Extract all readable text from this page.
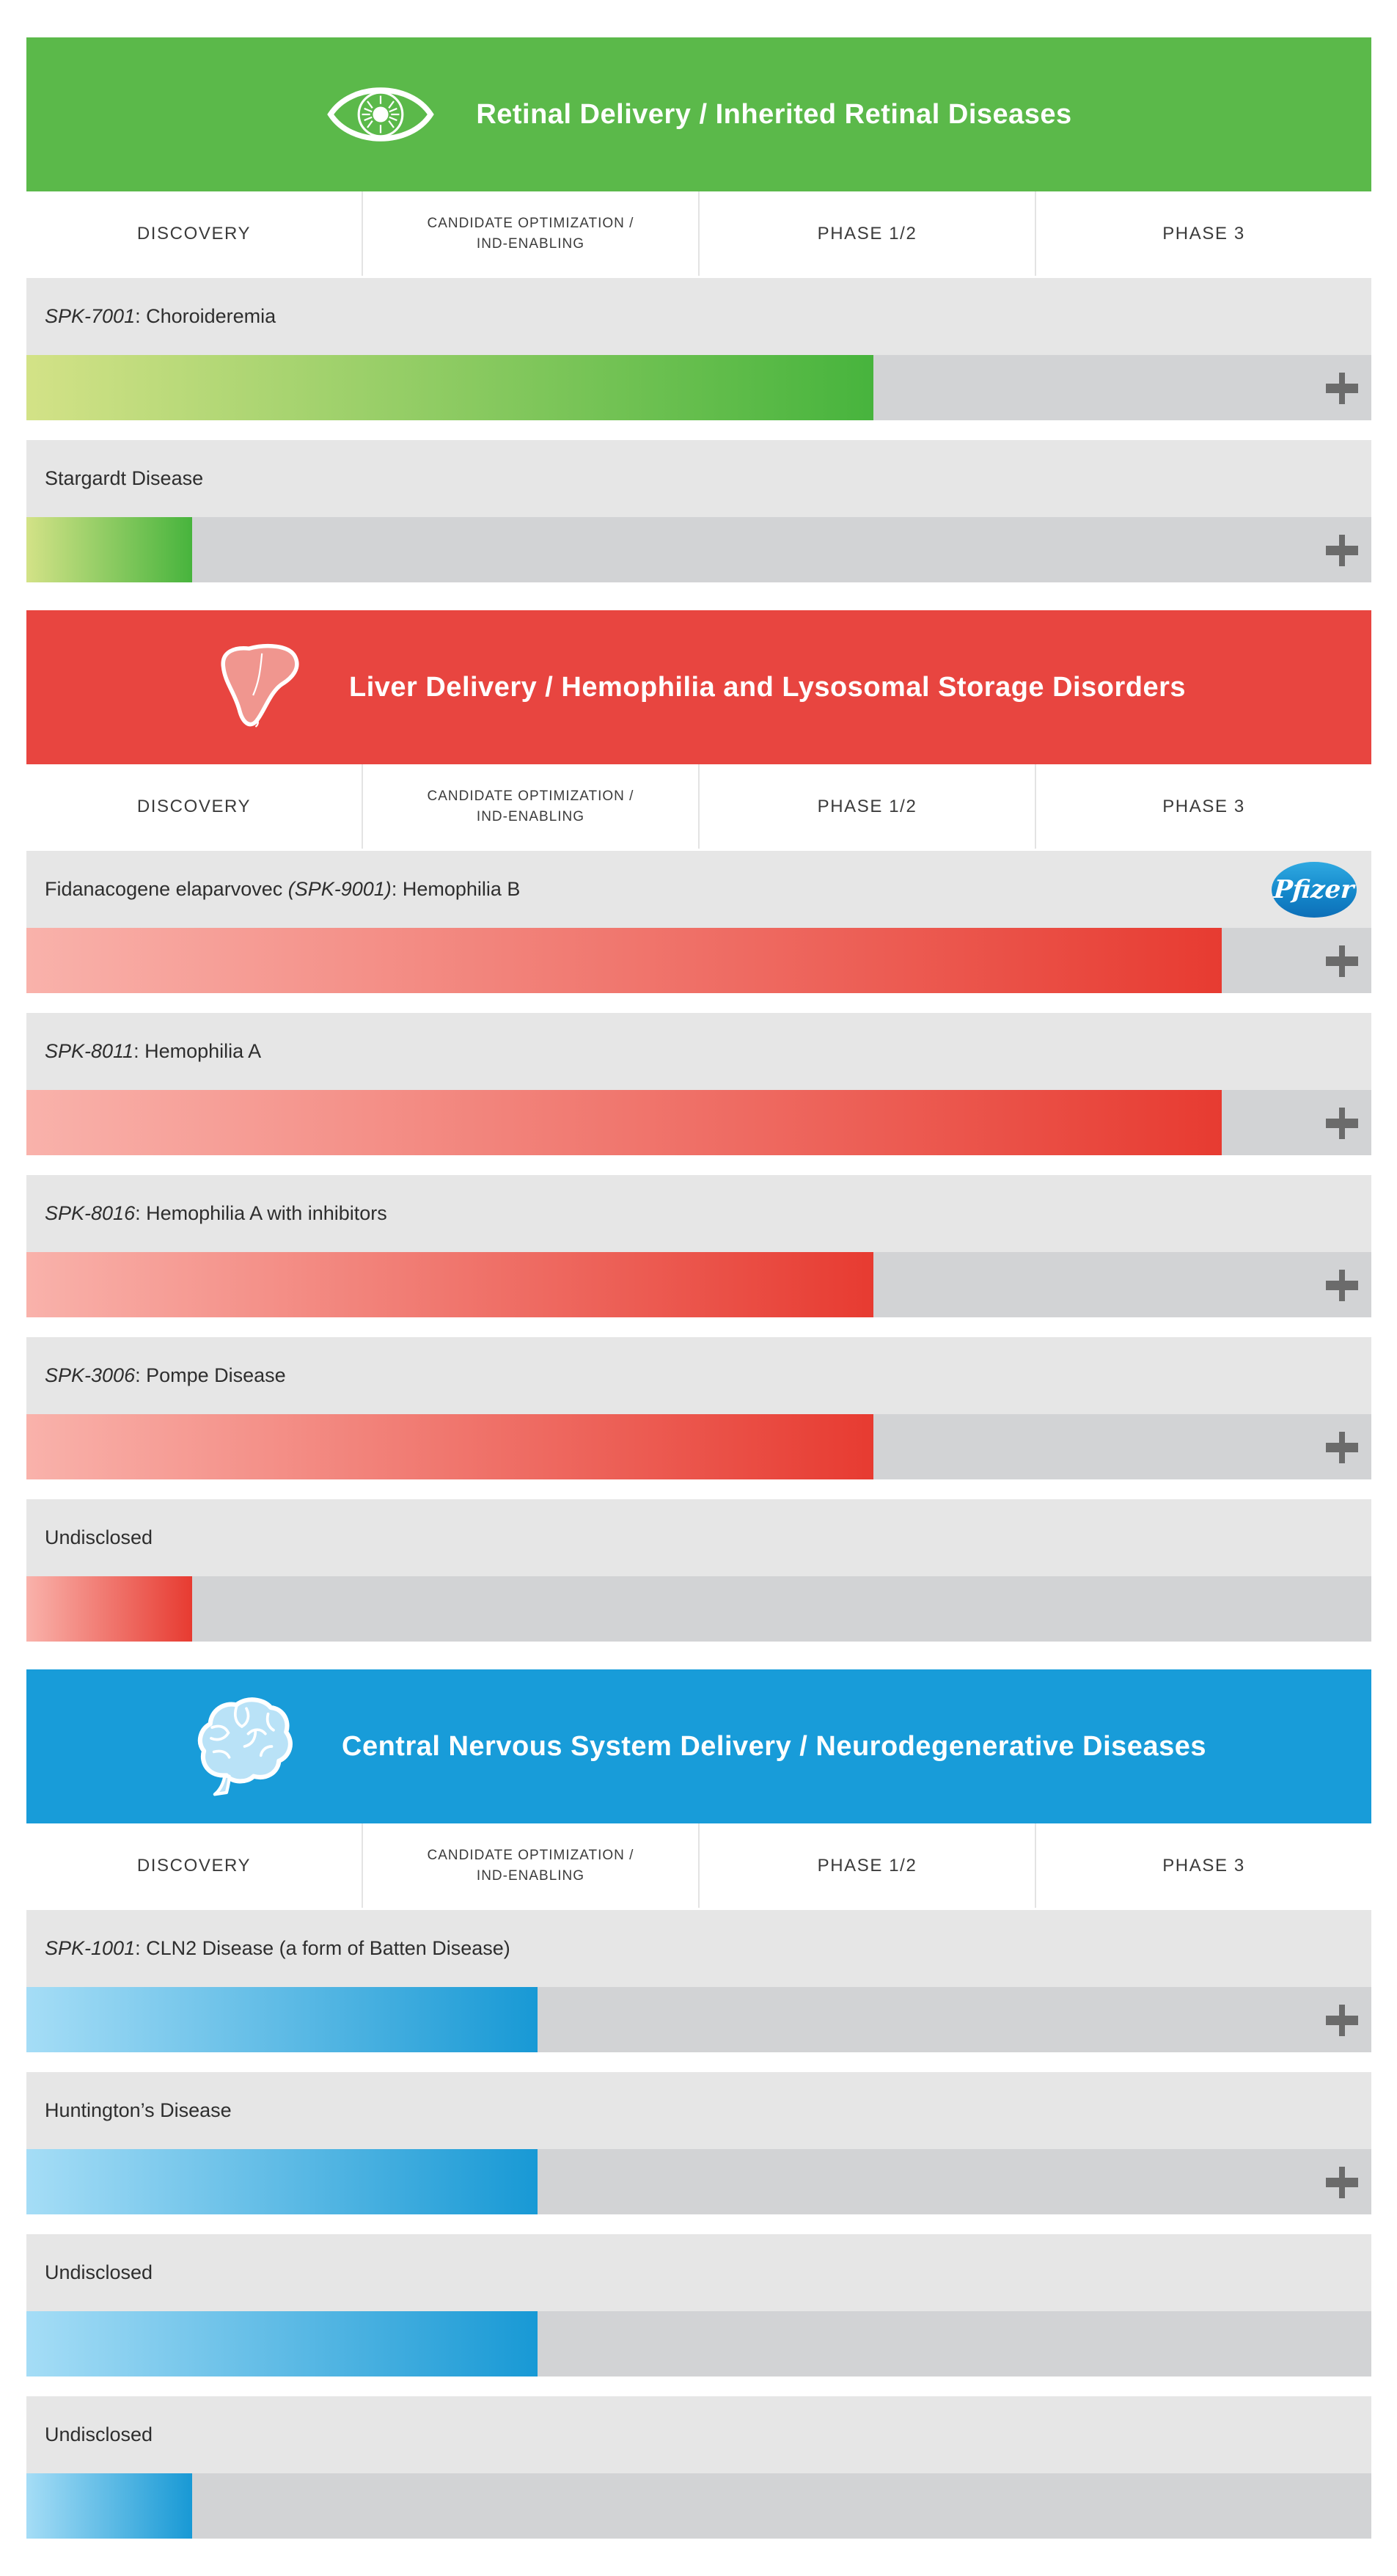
Retinal Delivery / Inherited Retinal Diseases
DISCOVERY
CANDIDATE OPTIMIZATION /
IND-ENABLING
PHASE 1/2	PHASE 3
SPK-7001 : Choroideremia
Stargardt Disease
Liver Delivery / Hemophilia and Lysosomal Storage Disorders
DISCOVERY
CANDIDATE OPTIMIZATION /
IND-ENABLING
PHASE 1/2	PHASE 3
Fidanacogene elaparvovec (SPK-9001) : Hemophilia B	Pfizer
SPK-8011 : Hemophilia A
SPK-8016 : Hemophilia A with inhibitors
SPK-3006 : Pompe Disease
Undisclosed
Central Nervous System Delivery / Neurodegenerative Diseases
DISCOVERY
CANDIDATE OPTIMIZATION /
IND-ENABLING
PHASE 1/2	PHASE 3
SPK-1001 : CLN2 Disease (a form of Batten Disease)
Huntington’s Disease
Undisclosed
Undisclosed
